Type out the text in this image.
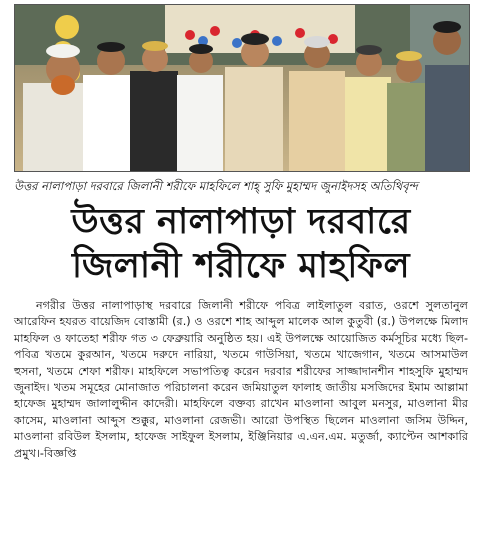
উত্তর নালাপাড়া দরবারে জিলানী শরীফে মাহফিলে শাহ্ সুফি মুহাম্মদ জুনাইদসহ অতিথিবৃন্দ
উত্তর নালাপাড়া দরবারে
জিলানী শরীফে মাহফিল

নগরীর উত্তর নালাপাড়াস্থ দরবারে জিলানী শরীফে পবিত্র লাইলাতুল বরাত, ওরশে সুলতানুল আরেফিন হযরত বায়েজিদ বোস্তামী (র.) ও ওরশে শাহ আব্দুল মালেক আল কুতুবী (র.) উপলক্ষে মিলাদ মাহফিল ও ফাতেহা শরীফ গত ৩ ফেব্রুয়ারি অনুষ্ঠিত হয়। এই উপলক্ষে আয়োজিত কর্মসূচির মধ্যে ছিল- পবিত্র খতমে কুরআন, খতমে দরুদে নারিয়া, খতমে গাউসিয়া, খতমে খাজেগান, খতমে আসমাউল হুসনা, খতমে শেফা শরীফ। মাহফিলে সভাপতিত্ব করেন দরবার শরীফের সাজ্জাদানশীন শাহসুফি মুহাম্মদ জুনাইদ। খতম সমূহের মোনাজাত পরিচালনা করেন জমিয়াতুল ফালাহ জাতীয় মসজিদের ইমাম আল্লামা হাফেজ মুহাম্মদ জালালুদ্দীন কাদেরী। মাহফিলে বক্তব্য রাখেন মাওলানা আবুল মনসুর, মাওলানা মীর কাসেম, মাওলানা আব্দুস শুক্কুর, মাওলানা রেজভী। আরো উপস্থিত ছিলেন মাওলানা জসিম উদ্দিন, মাওলানা রবিউল ইসলাম, হাফেজ সাইফুল ইসলাম, ইঞ্জিনিয়ার এ.এন.এম. মতুর্জা, ক্যাপ্টেন আশকারি প্রমুখ।-বিজ্ঞপ্তি
